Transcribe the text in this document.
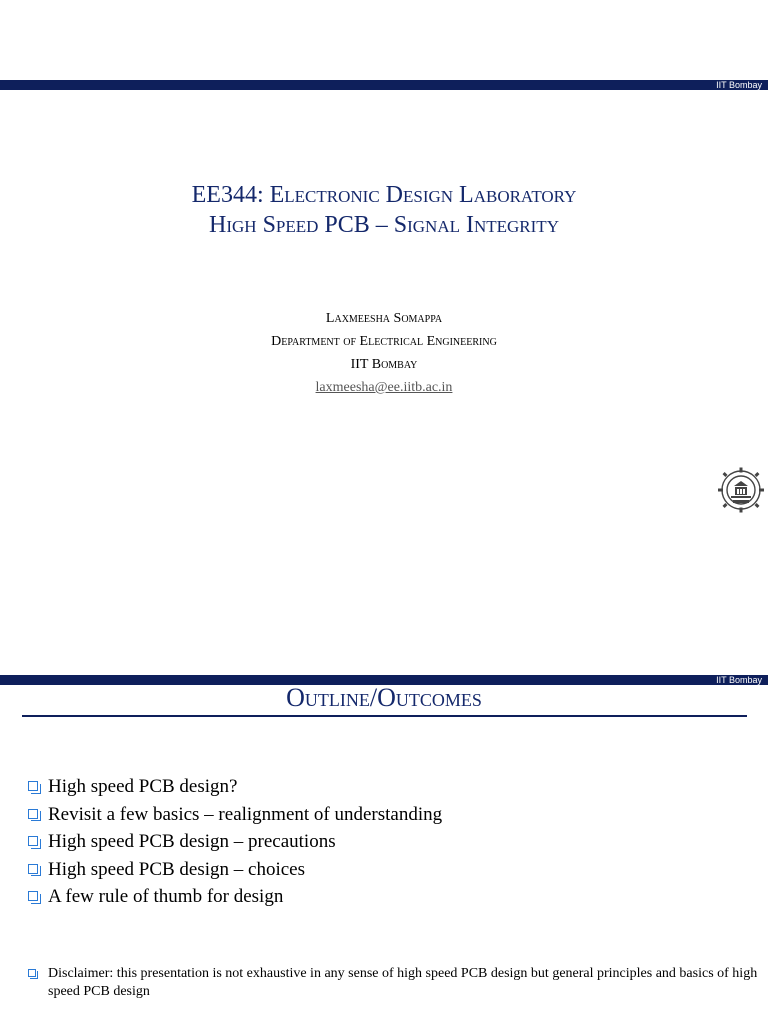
IIT Bombay
EE344: Electronic Design Laboratory
High Speed PCB – Signal Integrity
Laxmeesha Somappa
Department of Electrical Engineering
IIT Bombay
laxmeesha@ee.iitb.ac.in
IIT Bombay
Outline/Outcomes
High speed PCB design?
Revisit a few basics – realignment of understanding
High speed PCB design – precautions
High speed PCB design – choices
A few rule of thumb for design
Disclaimer: this presentation is not exhaustive in any sense of high speed PCB design but general principles and basics of high speed PCB design
